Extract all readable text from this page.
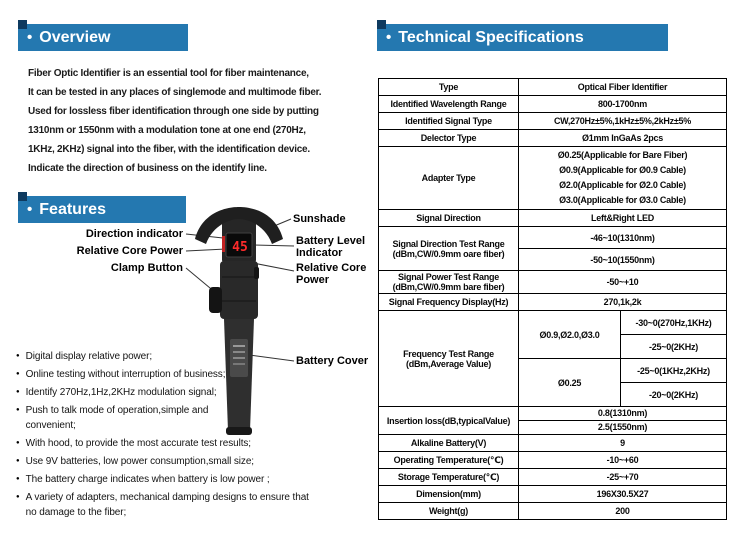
• Overview
Fiber Optic Identifier is an essential tool for fiber maintenance,
It can be tested in any places of singlemode and multimode fiber.
Used for lossless fiber identification through one side by putting
1310nm or 1550nm with a modulation tone at one end (270Hz,
1KHz, 2KHz) signal into the fiber, with the identification device.
Indicate the direction of business on the identify line.
• Features
45
Direction indicator
Relative Core Power
Clamp Button
Sunshade
Battery Level Indicator
Relative Core Power
Battery Cover
● Digital display relative power;
● Online testing without interruption of business;
● Identify 270Hz,1Hz,2KHz modulation signal;
● Push to talk mode of operation,simple and convenient;
● With hood, to provide the most accurate test results;
● Use 9V batteries, low power consumption,small size;
● The battery charge indicates when battery is low power ;
● A variety of adapters, mechanical damping designs to ensure that no damage to the fiber;
• Technical Specifications
Type	Optical Fiber Identifier	
Identified Wavelength Range	800-1700nm	
Identified Signal Type	CW,270Hz±5%,1kHz±5%,2kHz±5%	
Delector Type	Ø1mm InGaAs 2pcs	
Adapter Type	Ø0.25(Applicable for Bare Fiber)
Ø0.9(Applicable for Ø0.9 Cable)
Ø2.0(Applicable for Ø2.0 Cable)
Ø3.0(Applicable for Ø3.0 Cable)	

Signal Direction	Left&Right LED	
Signal Direction Test Range (dBm,CW/0.9mm oare fiber)	-46~10(1310nm)	
	-50~10(1550nm)	
Signal Power Test Range (dBm,CW/0.9mm bare fiber)	-50~+10	
Signal Frequency Display(Hz)	270,1k,2k	
Frequency Test Range (dBm,Average Value)	Ø0.9,Ø2.0,Ø3.0	-30~0(270Hz,1KHz)
		-25~0(2KHz)
	Ø0.25	-25~0(1KHz,2KHz)
		-20~0(2KHz)
Insertion loss(dB,typicalValue)	0.8(1310nm)	
	2.5(1550nm)	
Alkaline Battery(V)	9	
Operating Temperature(℃)	-10~+60	
Storage Temperature(℃)	-25~+70	
Dimension(mm)	196X30.5X27	
Weight(g)	200	
